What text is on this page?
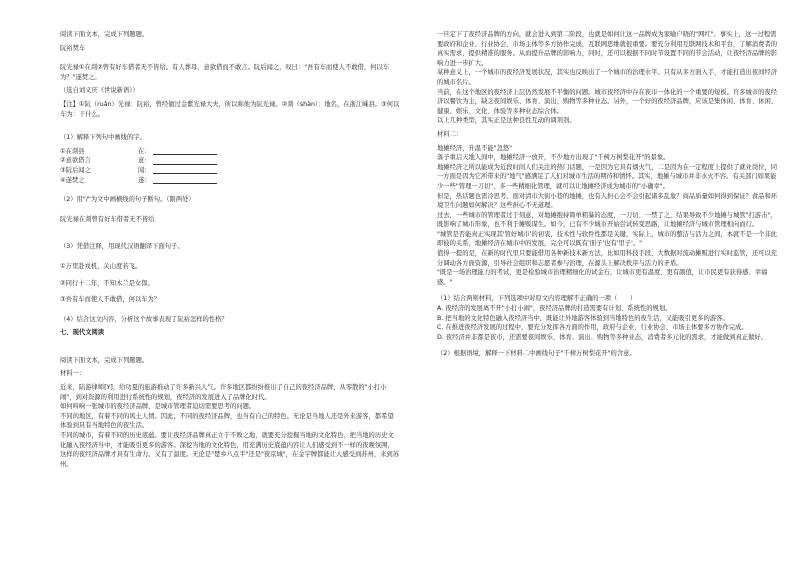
阅读下面文本，完成下列题题。

阮裕焚车

阮光禄①在剡②曾有好车借者无不皆给。有人葬母，意欲借而不敢言。阮后闻之，叹曰："吾有车而使人不敢借，何以车为？"遂焚之。

（选自刘义庆《世说新语》）

【注】①阮（ruǎn）光禄：阮裕，曾经做过金紫光禄大夫，所以称他为阮光禄。②剡（shàn）：地名，在浙江嵊县。③何以车为：干什么。

（1）解释下列句中画线的字。

①在剡县	在：
②意欲借言	意：
③阮后闻之	闻：
④遂焚之	遂：

（2）用"/"为文中画横线的句子断句。（限两处）

阮光禄在剡曾有好车借者无不皆给

（3）凭借注释，用现代汉语翻译下面句子。

①万里赴戎机，关山度若飞。

②同行十二年，不知木兰是女郎。

③吾有车而使人不敢借，何以车为？

（4）结合这文内容，分析这个故事表现了阮裕怎样的性格？

七、现代文阅读

阅读下面文本，完成下列题题。

材料一：

近来，陆游律师[Y]，给功夏的旅游推动了许多新兴人气。许多地区都纷纷推出了自己的夜经济品牌，从零散的"小打小闹"，到对资源的利用进行系统性的规划，夜经济的发展进入了品牌化时代。

如何叫响一张城市的夜经济品牌，是城市管理者迫切需要思考的问题。

不同的地区，有着不同的风土人情。因此，不同的夜经济品牌，也当有自己的特色。无论是当地人还是外来游客，都希望体验到具有当地特色的夜生活。

不同的城市，有着不同的历史底蕴。要让夜经济品牌真正立于不败之地，就要充分挖掘当地的文化特色，把当地的历史文化融入夜经济当中，才能吸引更多的游客。深挖当地的文化特色，用充满历史底蕴内容让人们感受到不一样的夜晚氛围，这样的夜经济品牌才具有生命力。又有了温度。无论是"楚乡八点半"还是"夜京城"，在金字牌都能让人感受到苏州，来到苏州。

一旦定下了夜经济品牌的方向，就会进入到第二阶段，也就是如何让这一品牌成为家喻户晓的"网红"。事实上，这一过程需要政府和企业、行业协会、市场主体等多方协作完成，互联网思维就很重要。要充分利用互联网技术和平台，了解消费者的真实需求，提供精准的服务。从而提升品牌的影响力，同时，还可以根据不同时节设置不同的节会活动，让夜经济品牌的影响力进一步扩大。

某种意义上，一个城市的夜经济发展状况，其实也反映出了一个城市的治理水平。只有从多方面入手，才能打造出夜间经济的城市名片。

当前，在这个地区的夜经济上层仍然发展不平衡的问题。城市夜经济中存在夜市一体化的一个重要的短板。许多城市的夜经济以餐饮为主，缺乏夜间娱乐、体育、演出、购物等多种业态。另外，一个好的夜经济品牌，应该是集休闲、体育、休闲、健康、娱乐、文化、体验等多种业态综合体。

以上几种类型，其实正是这种良性互动的调剂剂。

材料二：

地摊经济，升温不能"忽悠"

落子重启天地人间中，地摊经济一放开，不少地方出现了"千树万树梨花开"的景象。

地摊经济之所以能成为近段时间人们关注的热门话题，一是因为它具有烟火气，二是因为在一定程度上提供了就业岗位，同一方面是因为它所带来的"地气"感满足了人们对城市生活的期待和情怀。其实，地摊与城市并非水火不容。有关部门如果能少一些"管理一刀切"，多一些精细化管理，就可以让地摊经济成为城市的"小确幸"。

但是，热话题也需冷思考。面对清市大街小巷的地摊，也有人担心会不会引起诸多乱象？商品质量如何得到保证？食品和环境卫生问题如何解决？这些担心不无道理。

过去，一些城市的管理者过于刻意，对地摊抱持简单粗暴的态度，一刀切、一禁了之，结果导致不少地摊与城管"打游击"，既影响了城市形象，也不利于摊贩谋生。如今，已有不少城市开始尝试转变思路，让地摊经济与城市管理相向而行。

"城管是否能真正实现其'管好城市'的初衷，技术性与软件性都是关键，实际上，城市的整洁与活力之间，本就不是一个非此即彼的关系，地摊经济在城市中的发展，完全可以既有'面子'也有'里子'。"

值得一提的是，在新的时代里只要能借用各种新技术新方法，比如用科技手段、大数据对流动摊贩进行实时监管，还可以充分调动各方面资源，引导社会组织和志愿者参与治理，在源头上解决秩序与活力的矛盾。

"既是一场治理能力的考试，更是检验城市治理精细化的试金石，让城市更有温度、更有颜值，让市民更有获得感、幸福感。"

（1）结合两则材料，下列选项中对原文内容理解不正确的一项（　　）

A. 夜经济的发展离不开"小打小闹"，夜经济品牌的打造需要有计划、系统性的规划。

B. 把当地的文化特色融入夜经济当中，既能让外地游客体验到当地特色的夜生活，又能吸引更多的游客。

C. 在推进夜经济发展的过程中，要充分发挥各方面的作用，政府与企业、行业协会、市场主体要多方协作完成。

D. 夜经济并非都是夜市，还需要夜间娱乐、体育、演出、购物等多种业态，消费者多元化的需求，才能做到真正做好。

（2）根据语境，解释一下材料二中画线句子"千树万树梨花开"的含意。
